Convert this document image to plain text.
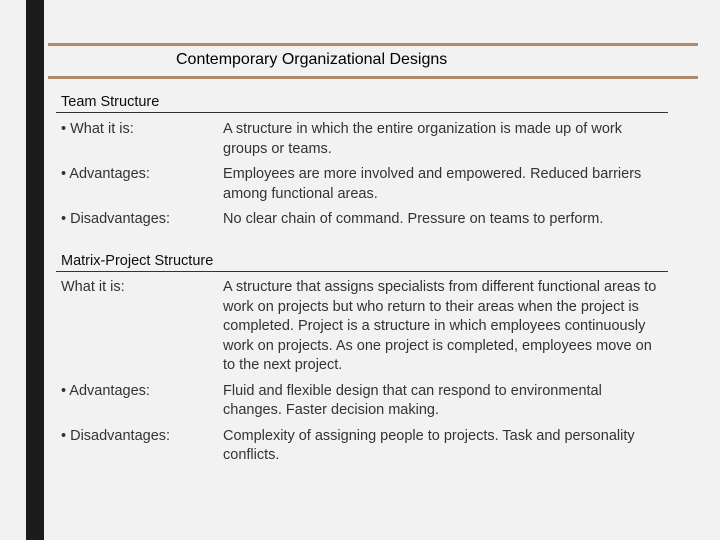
Contemporary Organizational Designs
Team Structure
• What it is:	A structure in which the entire organization is made up of work groups or teams.
• Advantages:	Employees are more involved and empowered. Reduced barriers among functional areas.
• Disadvantages:	No clear chain of command. Pressure on teams to perform.
Matrix-Project Structure
What it is:	A structure that assigns specialists from different functional areas to work on projects but who return to their areas when the project is completed. Project is a structure in which employees continuously work on projects. As one project is completed, employees move on to the next project.
• Advantages:	Fluid and flexible design that can respond to environmental changes. Faster decision making.
• Disadvantages:	Complexity of assigning people to projects. Task and personality conflicts.
